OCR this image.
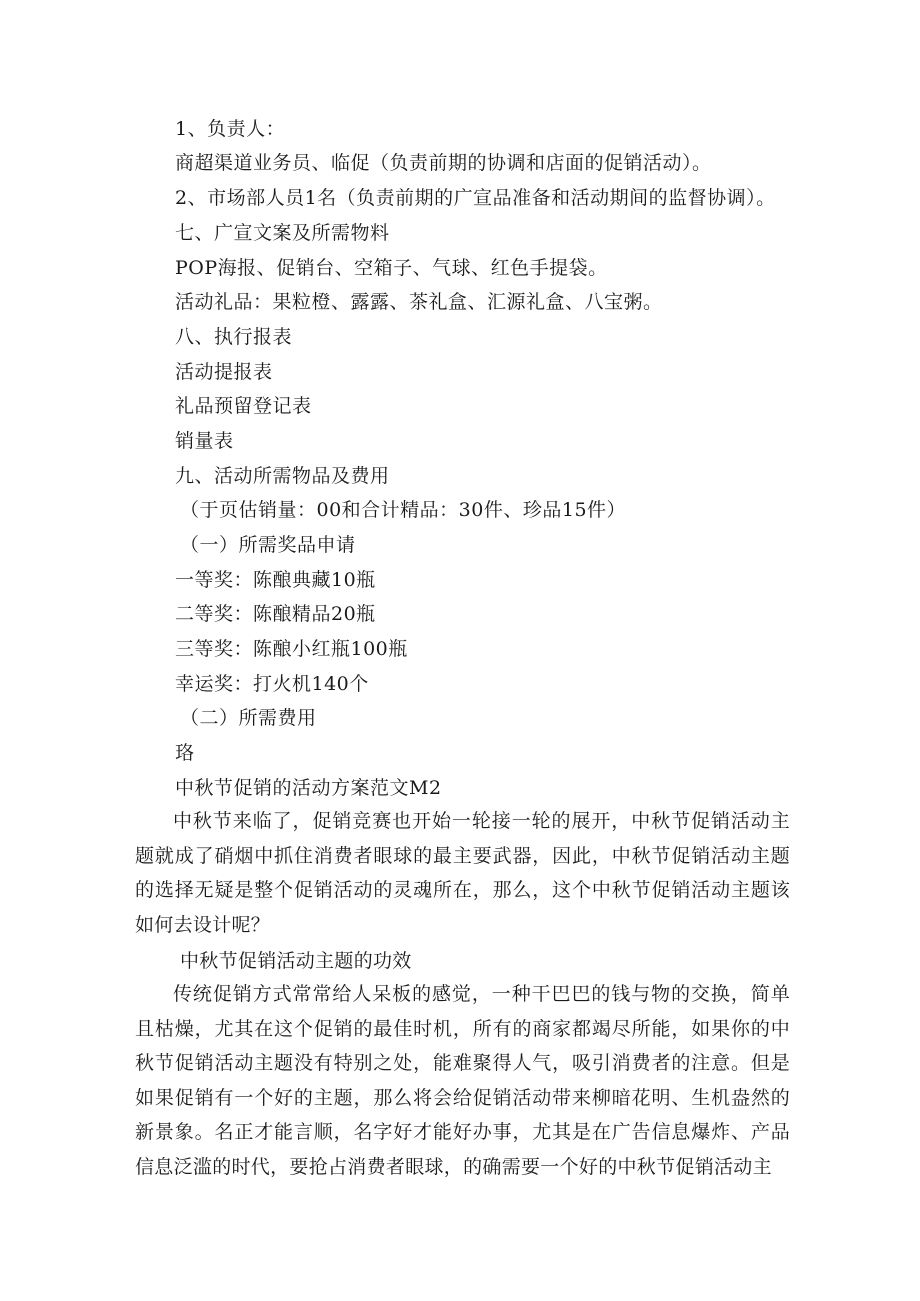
1、负责人：
商超渠道业务员、临促（负责前期的协调和店面的促销活动）。
2、市场部人员1名（负责前期的广宣品准备和活动期间的监督协调）。
七、广宣文案及所需物料
POP海报、促销台、空箱子、气球、红色手提袋。
活动礼品：果粒橙、露露、茶礼盒、汇源礼盒、八宝粥。
八、执行报表
活动提报表
礼品预留登记表
销量表
九、活动所需物品及费用
（于页估销量：00和合计精品：30件、珍品15件）
（一）所需奖品申请
一等奖：陈酿典藏10瓶
二等奖：陈酿精品20瓶
三等奖：陈酿小红瓶100瓶
幸运奖：打火机140个
（二）所需费用
珞
中秋节促销的活动方案范文M2
中秋节来临了，促销竞赛也开始一轮接一轮的展开，中秋节促销活动主题就成了硝烟中抓住消费者眼球的最主要武器，因此，中秋节促销活动主题的选择无疑是整个促销活动的灵魂所在，那么，这个中秋节促销活动主题该如何去设计呢？
中秋节促销活动主题的功效
传统促销方式常常给人呆板的感觉，一种干巴巴的钱与物的交换，简单且枯燥，尤其在这个促销的最佳时机，所有的商家都竭尽所能，如果你的中秋节促销活动主题没有特别之处，能难聚得人气，吸引消费者的注意。但是如果促销有一个好的主题，那么将会给促销活动带来柳暗花明、生机盎然的新景象。名正才能言顺，名字好才能好办事，尤其是在广告信息爆炸、产品信息泛滥的时代，要抢占消费者眼球，的确需要一个好的中秋节促销活动主
